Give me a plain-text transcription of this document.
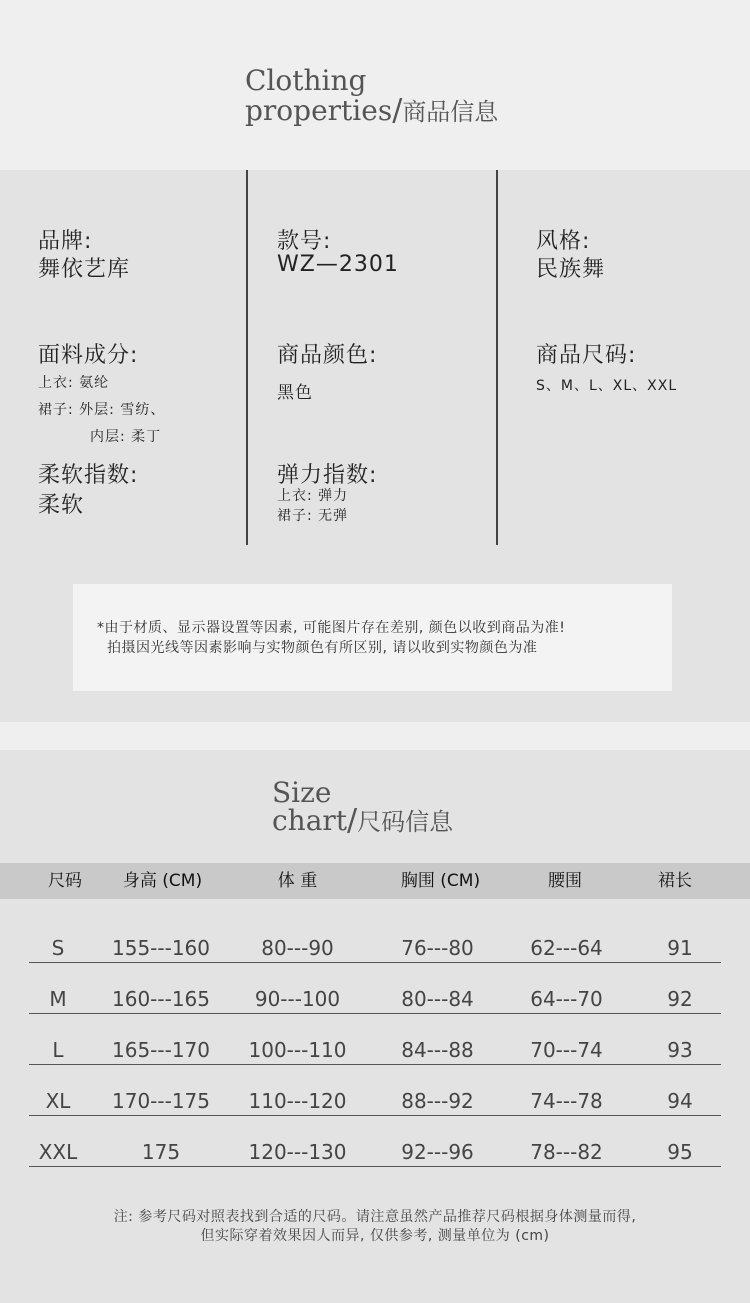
Clothing
properties/商品信息
品牌:
舞依艺库
款号:
WZ—2301
风格:
民族舞
面料成分:
上衣: 氨纶
裙子: 外层: 雪纺、
内层: 柔丁
商品颜色:
黑色
商品尺码:
S、M、L、XL、XXL
柔软指数:
柔软
弹力指数:
上衣: 弹力
裙子: 无弹

*由于材质、显示器设置等因素, 可能图片存在差别, 颜色以收到商品为准!

拍摄因光线等因素影响与实物颜色有所区别, 请以收到实物颜色为准

Size
chart/尺码信息
尺码	身高 (CM)	体 重	胸围 (CM)	腰围	裙长
S	155---160	80---90	76---80	62---64	91
M	160---165	90---100	80---84	64---70	92
L	165---170	100---110	84---88	70---74	93
XL	170---175	110---120	88---92	74---78	94
XXL	175	120---130	92---96	78---82	95
注: 参考尺码对照表找到合适的尺码。请注意虽然产品推荐尺码根据身体测量而得,
但实际穿着效果因人而异, 仅供参考, 测量单位为 (cm)
